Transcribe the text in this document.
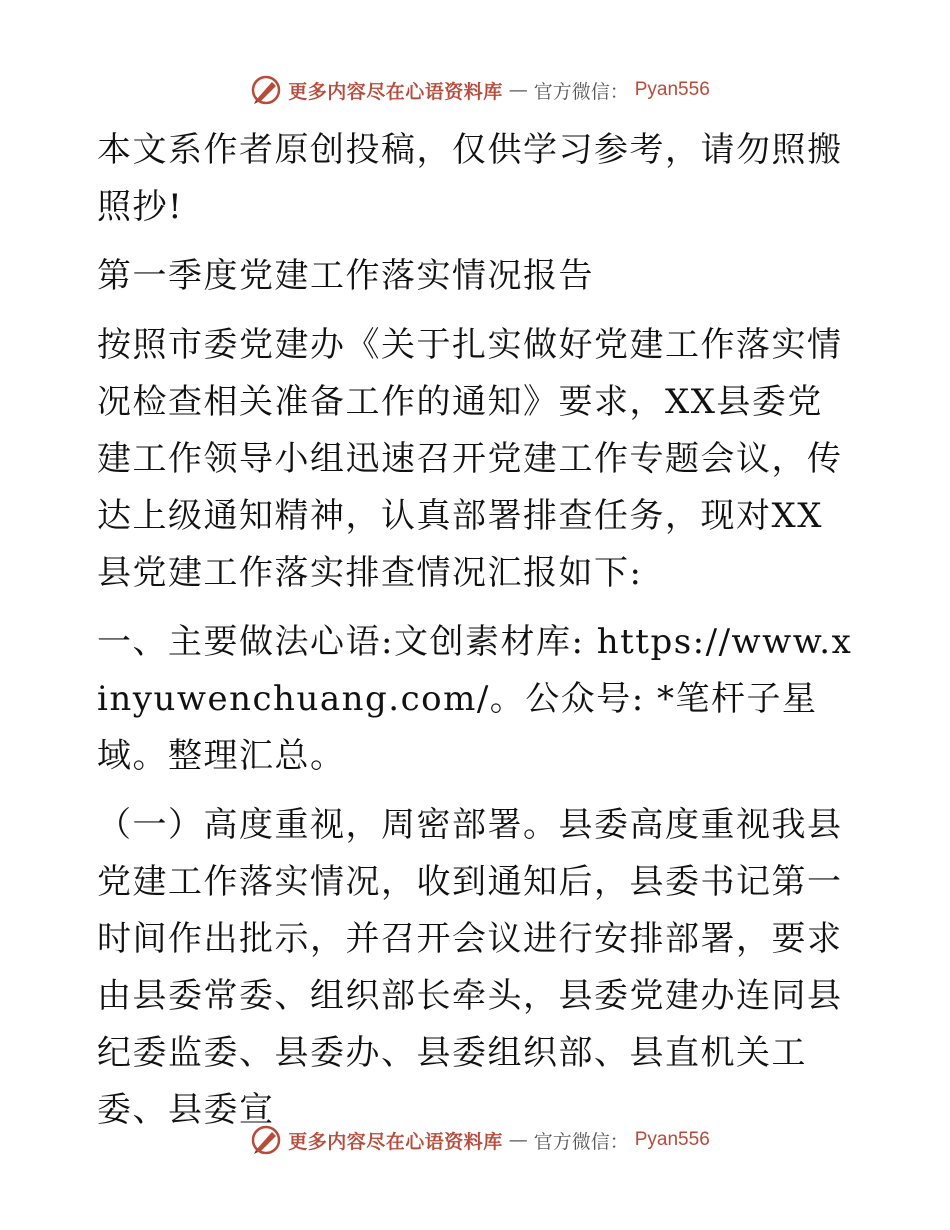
更多内容尽在心语资料库 — 官方微信： Pyan556

本文系作者原创投稿，仅供学习参考，请勿照搬照抄!

第一季度党建工作落实情况报告

按照市委党建办《关于扎实做好党建工作落实情况检查相关准备工作的通知》要求，XX县委党建工作领导小组迅速召开党建工作专题会议，传达上级通知精神，认真部署排查任务，现对XX县党建工作落实排查情况汇报如下:

一、主要做法心语:文创素材库: https://www.xinyuwenchuang.com/。公众号: *笔杆子星域。整理汇总。

（一）高度重视，周密部署。县委高度重视我县党建工作落实情况，收到通知后，县委书记第一时间作出批示，并召开会议进行安排部署，要求由县委常委、组织部长牵头，县委党建办连同县纪委监委、县委办、县委组织部、县直机关工委、县委宣

更多内容尽在心语资料库 — 官方微信： Pyan556
